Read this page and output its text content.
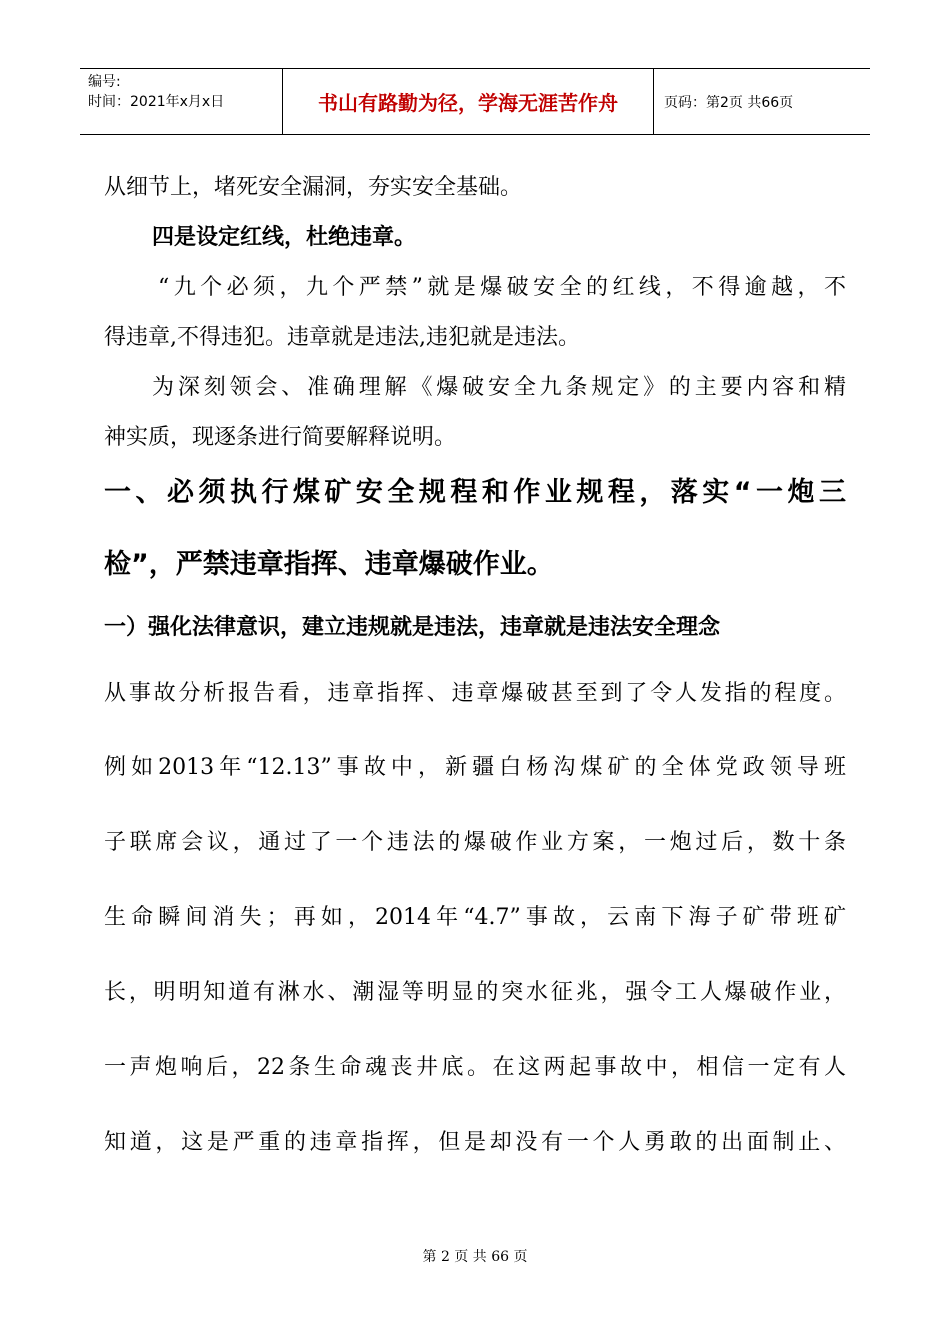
编号:
时间：2021年x月x日	书山有路勤为径，学海无涯苦作舟	页码：第2页 共66页
从细节上，堵死安全漏洞，夯实安全基础。
四是设定红线，杜绝违章。
“九个必须，九个严禁”就是爆破安全的红线，不得逾越，不
得违章,不得违犯。违章就是违法,违犯就是违法。
为深刻领会、准确理解《爆破安全九条规定》的主要内容和精
神实质，现逐条进行简要解释说明。
一、必须执行煤矿安全规程和作业规程，落实“一炮三
检”，严禁违章指挥、违章爆破作业。
一）强化法律意识，建立违规就是违法，违章就是违法安全理念
从事故分析报告看，违章指挥、违章爆破甚至到了令人发指的程度。
例如2013年“12.13”事故中，新疆白杨沟煤矿的全体党政领导班
子联席会议，通过了一个违法的爆破作业方案，一炮过后，数十条
生命瞬间消失；再如，2014年“4.7”事故，云南下海子矿带班矿
长，明明知道有淋水、潮湿等明显的突水征兆，强令工人爆破作业，
一声炮响后，22条生命魂丧井底。在这两起事故中，相信一定有人
知道，这是严重的违章指挥，但是却没有一个人勇敢的出面制止、
第 2 页 共 66 页
